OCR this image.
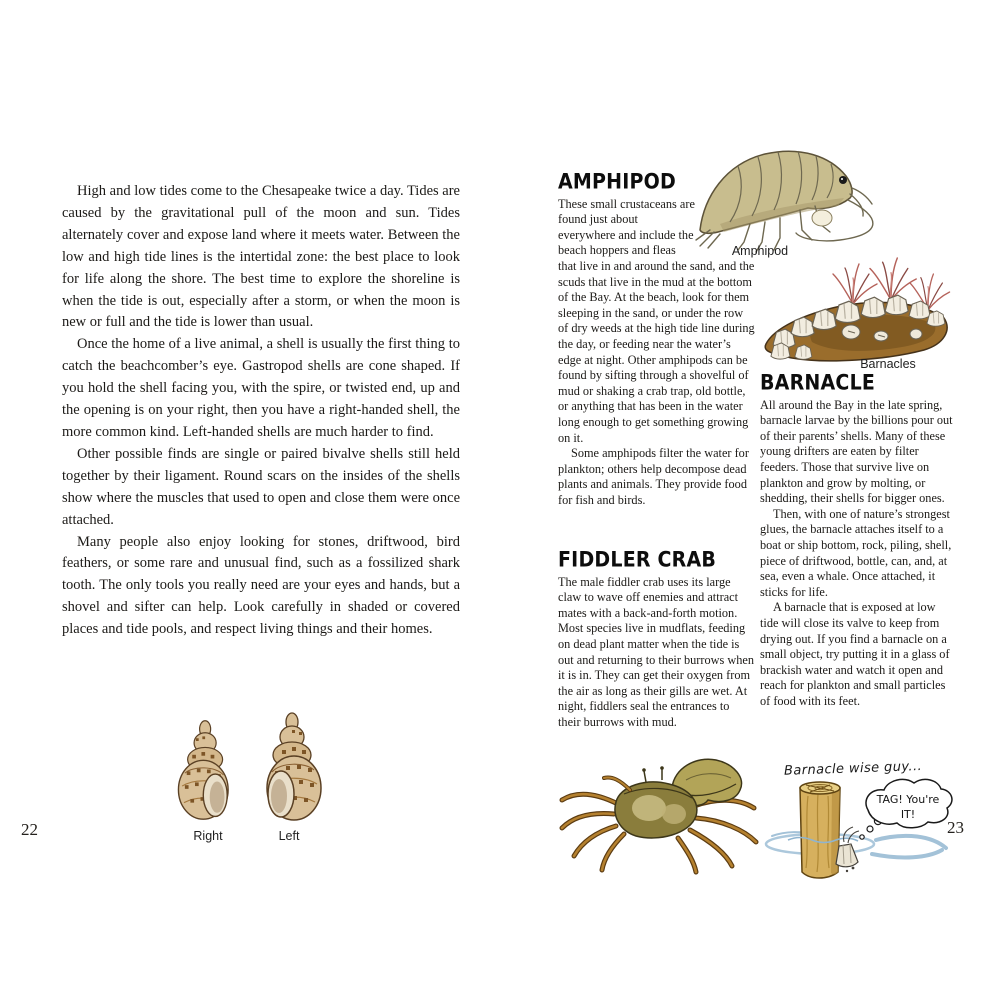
High and low tides come to the Chesapeake twice a day. Tides are caused by the gravitational pull of the moon and sun. Tides alternately cover and expose land where it meets water. Between the low and high tide lines is the intertidal zone: the best place to look for life along the shore. The best time to explore the shoreline is when the tide is out, especially after a storm, or when the moon is new or full and the tide is lower than usual.

Once the home of a live animal, a shell is usually the first thing to catch the beachcomber’s eye. Gastropod shells are cone shaped. If you hold the shell facing you, with the spire, or twisted end, up and the opening is on your right, then you have a right-handed shell, the more common kind. Left-handed shells are much harder to find.

Other possible finds are single or paired bivalve shells still held together by their ligament. Round scars on the insides of the shells show where the muscles that used to open and close them were once attached.

Many people also enjoy looking for stones, driftwood, bird feathers, or some rare and unusual find, such as a fossilized shark tooth. The only tools you really need are your eyes and hands, but a shovel and sifter can help. Look carefully in shaded or covered places and tide pools, and respect living things and their homes.

Right	Left
22
Amphipod
Barnacles
AMPHIPOD

These small crustaceans are found just about everywhere and include the beach hoppers and fleas that live in and around the sand, and the scuds that live in the mud at the bottom of the Bay. At the beach, look for them sleeping in the sand, or under the row of dry weeds at the high tide line during the day, or feeding near the water’s edge at night. Other amphipods can be found by sifting through a shovelful of mud or shaking a crab trap, old bottle, or anything that has been in the water long enough to get something growing on it.

Some amphipods filter the water for plankton; others help decompose dead plants and animals. They provide food for fish and birds.

FIDDLER CRAB

The male fiddler crab uses its large claw to wave off enemies and attract mates with a back-and-forth motion. Most species live in mudflats, feeding on dead plant matter when the tide is out and returning to their burrows when it is in. They can get their oxygen from the air as long as their gills are wet. At night, fiddlers seal the entrances to their burrows with mud.

BARNACLE

All around the Bay in the late spring, barnacle larvae by the billions pour out of their parents’ shells. Many of these young drifters are eaten by filter feeders. Those that survive live on plankton and grow by molting, or shedding, their shells for bigger ones.

Then, with one of nature’s strongest glues, the barnacle attaches itself to a boat or ship bottom, rock, piling, shell, piece of driftwood, bottle, can, and, at sea, even a whale. Once attached, it sticks for life.

A barnacle that is exposed at low tide will close its valve to keep from drying out. If you find a barnacle on a small object, try putting it in a glass of brackish water and watch it open and reach for plankton and small particles of food with its feet.

Barnacle wise guy...
TAG! You're
IT!
23
